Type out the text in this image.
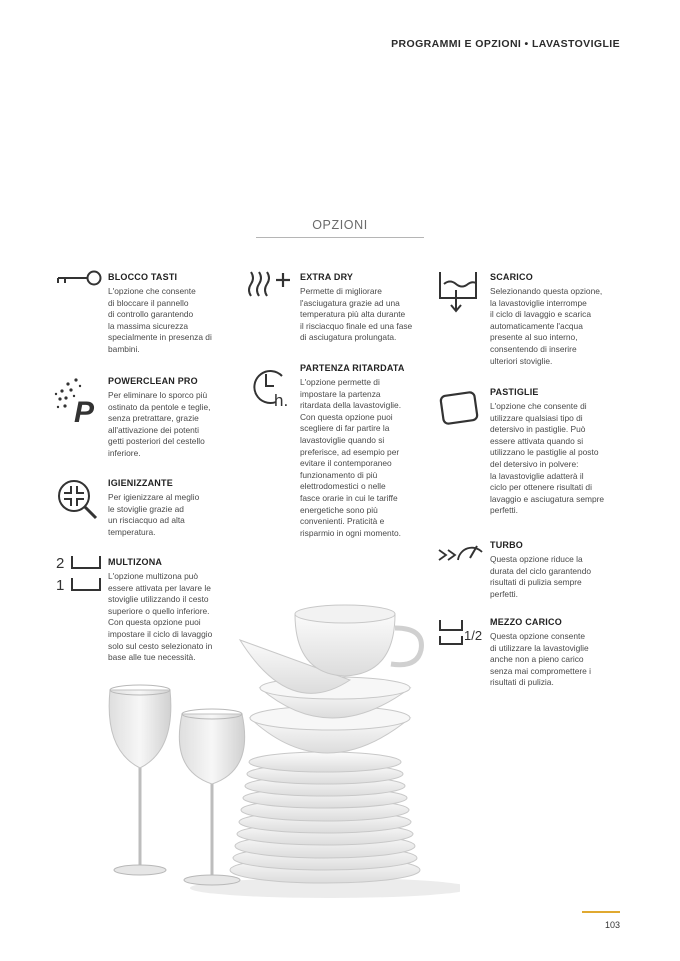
PROGRAMMI E OPZIONI • LAVASTOVIGLIE
OPZIONI
BLOCCO TASTI
L'opzione che consente
di bloccare il pannello
di controllo garantendo
la massima sicurezza
specialmente in presenza di
bambini.
P
POWERCLEAN PRO
Per eliminare lo sporco più
ostinato da pentole e teglie,
senza pretrattare, grazie
all'attivazione dei potenti
getti posteriori del cestello
inferiore.
IGIENIZZANTE
Per igienizzare al meglio
le stoviglie grazie ad
un risciacquo ad alta
temperatura.
2
1
MULTIZONA
L'opzione multizona può
essere attivata per lavare le
stoviglie utilizzando il cesto
superiore o quello inferiore.
Con questa opzione puoi
impostare il ciclo di lavaggio
solo sul cesto selezionato in
base alle tue necessità.
EXTRA DRY
Permette di migliorare
l'asciugatura grazie ad una
temperatura più alta durante
il risciacquo finale ed una fase
di asciugatura prolungata.
h.
PARTENZA RITARDATA
L'opzione permette di
impostare la partenza
ritardata della lavastoviglie.
Con questa opzione puoi
scegliere di far partire la
lavastoviglie quando si
preferisce, ad esempio per
evitare il contemporaneo
funzionamento di più
elettrodomestici o nelle
fasce orarie in cui le tariffe
energetiche sono più
convenienti. Praticità e
risparmio in ogni momento.
SCARICO
Selezionando questa opzione,
la lavastoviglie interrompe
il ciclo di lavaggio e scarica
automaticamente l'acqua
presente al suo interno,
consentendo di inserire
ulteriori stoviglie.
PASTIGLIE
L'opzione che consente di
utilizzare qualsiasi tipo di
detersivo in pastiglie. Può
essere attivata quando si
utilizzano le pastiglie al posto
del detersivo in polvere:
la lavastoviglie adatterà il
ciclo per ottenere risultati di
lavaggio e asciugatura sempre
perfetti.
TURBO
Questa opzione riduce la
durata del ciclo garantendo
risultati di pulizia sempre
perfetti.
1/2
MEZZO CARICO
Questa opzione consente
di utilizzare la lavastoviglie
anche non a pieno carico
senza mai compromettere i
risultati di pulizia.
103
